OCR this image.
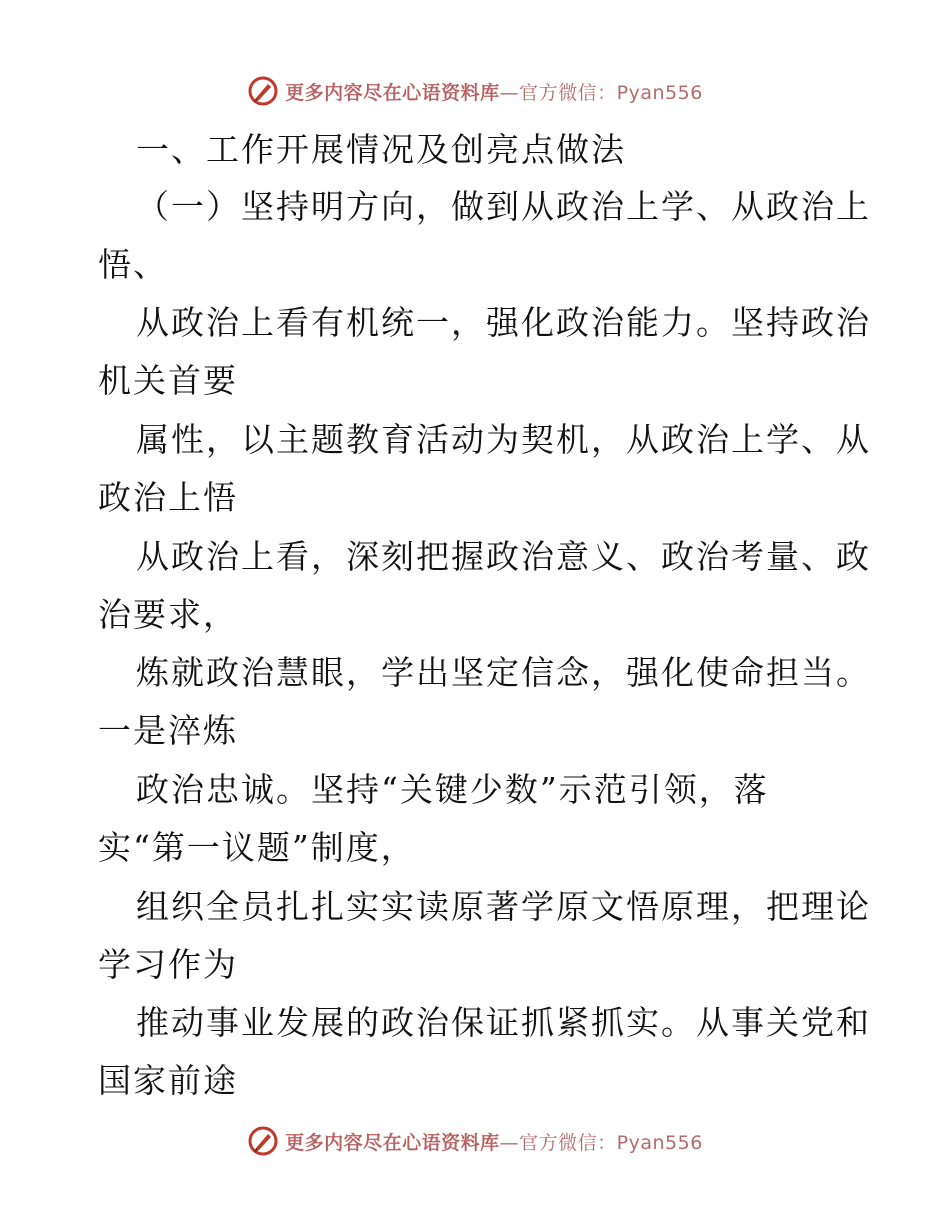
更多内容尽在心语资料库 —官方微信：Pyan556
一、工作开展情况及创亮点做法
（一）坚持明方向，做到从政治上学、从政治上
悟、
从政治上看有机统一，强化政治能力。坚持政治
机关首要
属性，以主题教育活动为契机，从政治上学、从
政治上悟
从政治上看，深刻把握政治意义、政治考量、政
治要求，
炼就政治慧眼，学出坚定信念，强化使命担当。
一是淬炼
政治忠诚。坚持“关键少数”示范引领，落
实“第一议题”制度，
组织全员扎扎实实读原著学原文悟原理，把理论
学习作为
推动事业发展的政治保证抓紧抓实。从事关党和
国家前途
更多内容尽在心语资料库 —官方微信：Pyan556
